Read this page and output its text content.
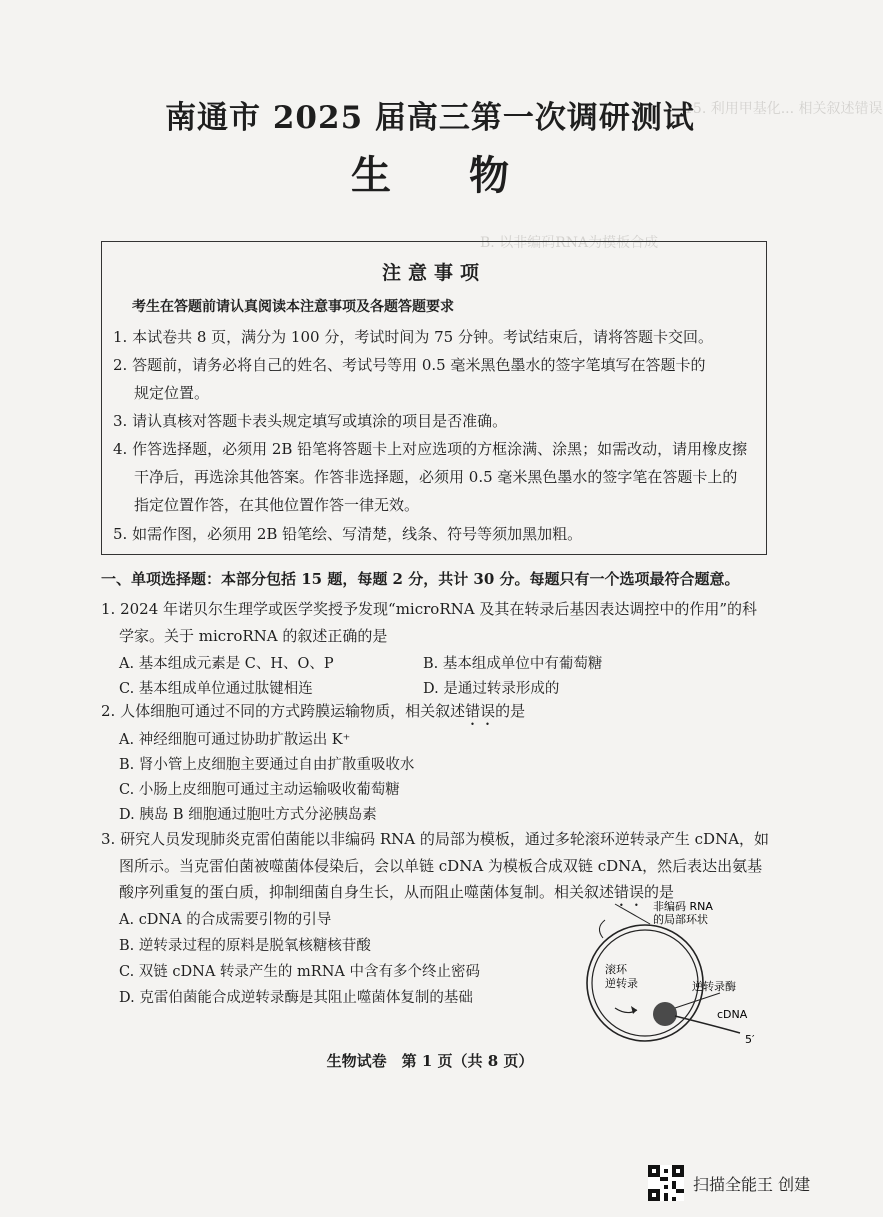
15. 利用甲基化... 相关叙述错误
B. 以非编码RNA为模板合成
南通市 2025 届高三第一次调研测试
生物
注意事项
考生在答题前请认真阅读本注意事项及各题答题要求
1. 本试卷共 8 页，满分为 100 分，考试时间为 75 分钟。考试结束后，请将答题卡交回。
2. 答题前，请务必将自己的姓名、考试号等用 0.5 毫米黑色墨水的签字笔填写在答题卡的
规定位置。
3. 请认真核对答题卡表头规定填写或填涂的项目是否准确。
4. 作答选择题，必须用 2B 铅笔将答题卡上对应选项的方框涂满、涂黑；如需改动，请用橡皮擦
干净后，再选涂其他答案。作答非选择题，必须用 0.5 毫米黑色墨水的签字笔在答题卡上的
指定位置作答，在其他位置作答一律无效。
5. 如需作图，必须用 2B 铅笔绘、写清楚，线条、符号等须加黑加粗。
一、单项选择题：本部分包括 15 题，每题 2 分，共计 30 分。每题只有一个选项最符合题意。
1. 2024 年诺贝尔生理学或医学奖授予发现“microRNA 及其在转录后基因表达调控中的作用”的科
学家。关于 microRNA 的叙述正确的是
A. 基本组成元素是 C、H、O、P	B. 基本组成单位中有葡萄糖
C. 基本组成单位通过肽键相连	D. 是通过转录形成的
2. 人体细胞可通过不同的方式跨膜运输物质，相关叙述错误的是
A. 神经细胞可通过协助扩散运出 K⁺
B. 肾小管上皮细胞主要通过自由扩散重吸收水
C. 小肠上皮细胞可通过主动运输吸收葡萄糖
D. 胰岛 B 细胞通过胞吐方式分泌胰岛素
3. 研究人员发现肺炎克雷伯菌能以非编码 RNA 的局部为模板，通过多轮滚环逆转录产生 cDNA，如
图所示。当克雷伯菌被噬菌体侵染后，会以单链 cDNA 为模板合成双链 cDNA，然后表达出氨基
酸序列重复的蛋白质，抑制细菌自身生长，从而阻止噬菌体复制。相关叙述错误的是
A. cDNA 的合成需要引物的引导
B. 逆转录过程的原料是脱氧核糖核苷酸
C. 双链 cDNA 转录产生的 mRNA 中含有多个终止密码
D. 克雷伯菌能合成逆转录酶是其阻止噬菌体复制的基础
非编码 RNA
的局部环状
滚环
逆转录	逆转录酶
cDNA
5′
生物试卷　第 1 页（共 8 页）
扫描全能王 创建
